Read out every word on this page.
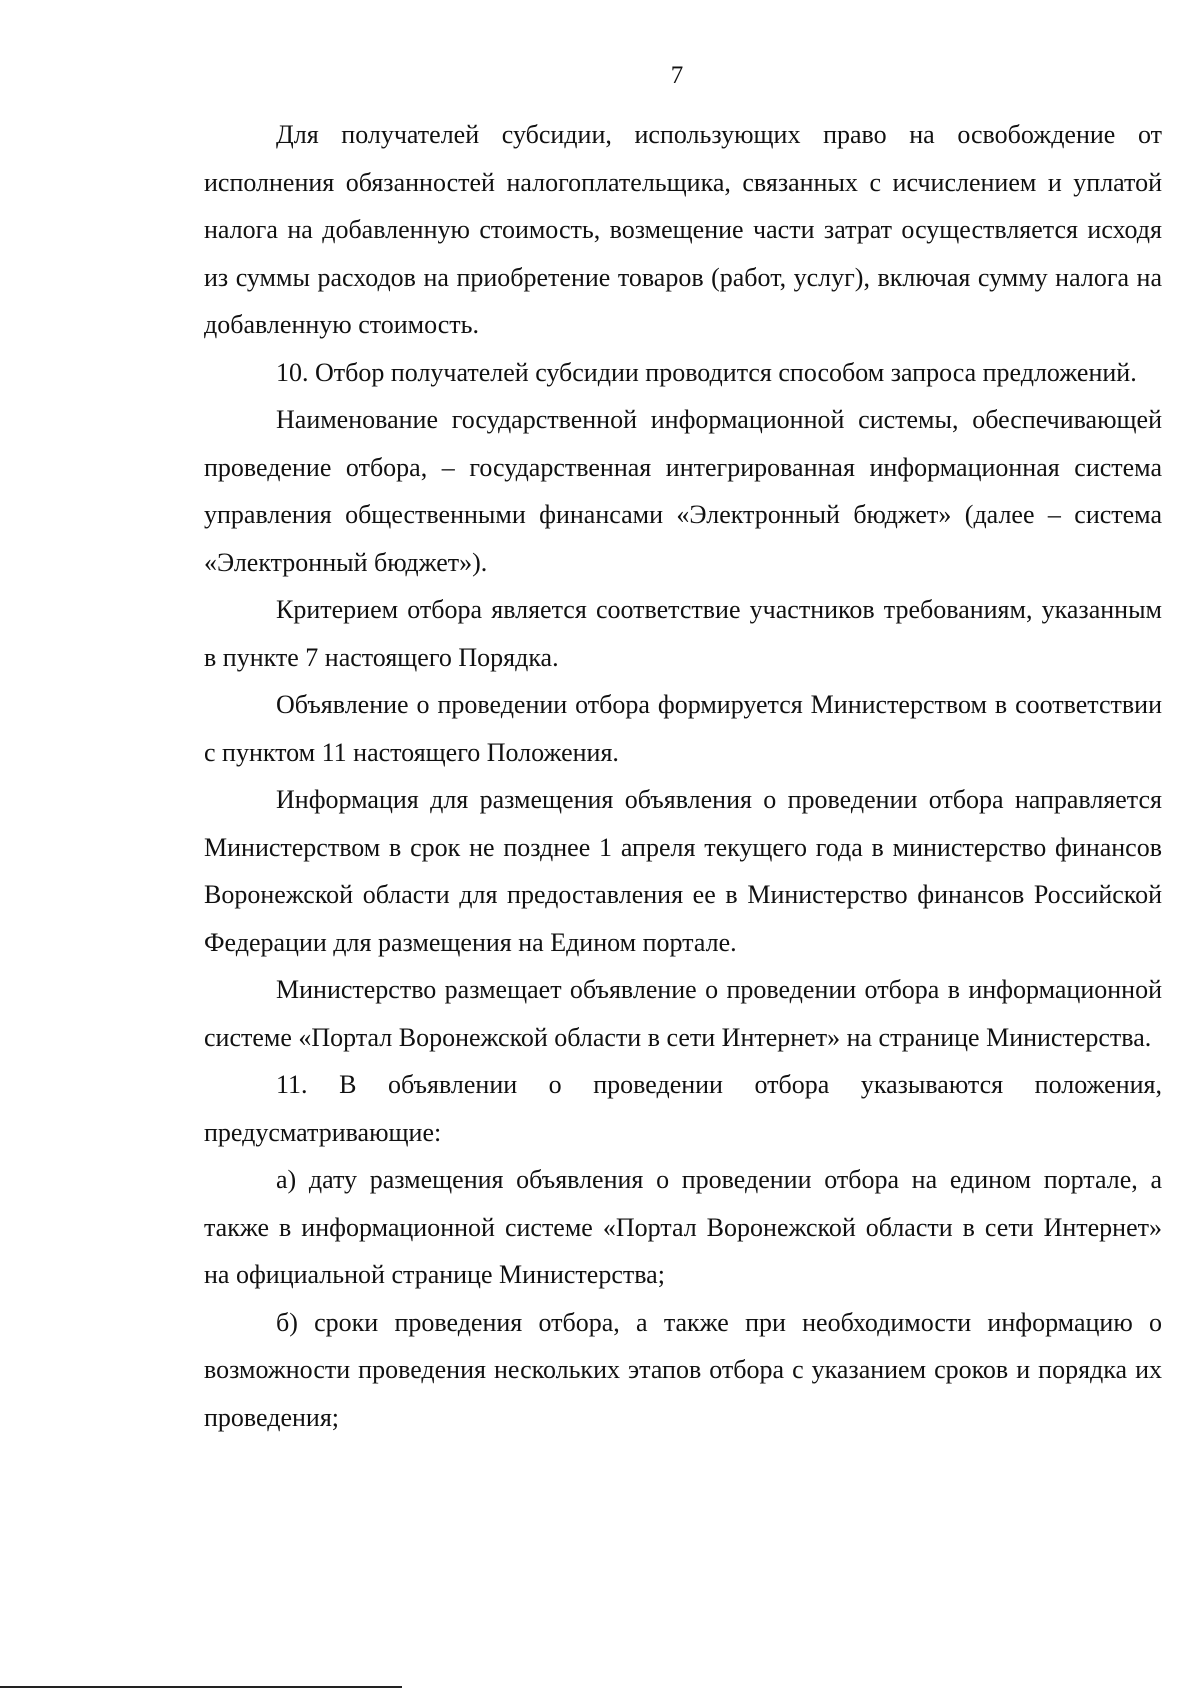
7

Для получателей субсидии, использующих право на освобождение от исполнения обязанностей налогоплательщика, связанных с исчислением и уплатой налога на добавленную стоимость, возмещение части затрат осуществляется исходя из суммы расходов на приобретение товаров (работ, услуг), включая сумму налога на добавленную стоимость.

10. Отбор получателей субсидии проводится способом запроса предложений.

Наименование государственной информационной системы, обеспечивающей проведение отбора, – государственная интегрированная информационная система управления общественными финансами «Электронный бюджет» (далее – система «Электронный бюджет»).

Критерием отбора является соответствие участников требованиям, указанным в пункте 7 настоящего Порядка.

Объявление о проведении отбора формируется Министерством в соответствии с пунктом 11 настоящего Положения.

Информация для размещения объявления о проведении отбора направляется Министерством в срок не позднее 1 апреля текущего года в министерство финансов Воронежской области для предоставления ее в Министерство финансов Российской Федерации для размещения на Едином портале.

Министерство размещает объявление о проведении отбора в информационной системе «Портал Воронежской области в сети Интернет» на странице Министерства.

11. В объявлении о проведении отбора указываются положения, предусматривающие:

а) дату размещения объявления о проведении отбора на едином портале, а также в информационной системе «Портал Воронежской области в сети Интернет» на официальной странице Министерства;

б) сроки проведения отбора, а также при необходимости информацию о возможности проведения нескольких этапов отбора с указанием сроков и порядка их проведения;
